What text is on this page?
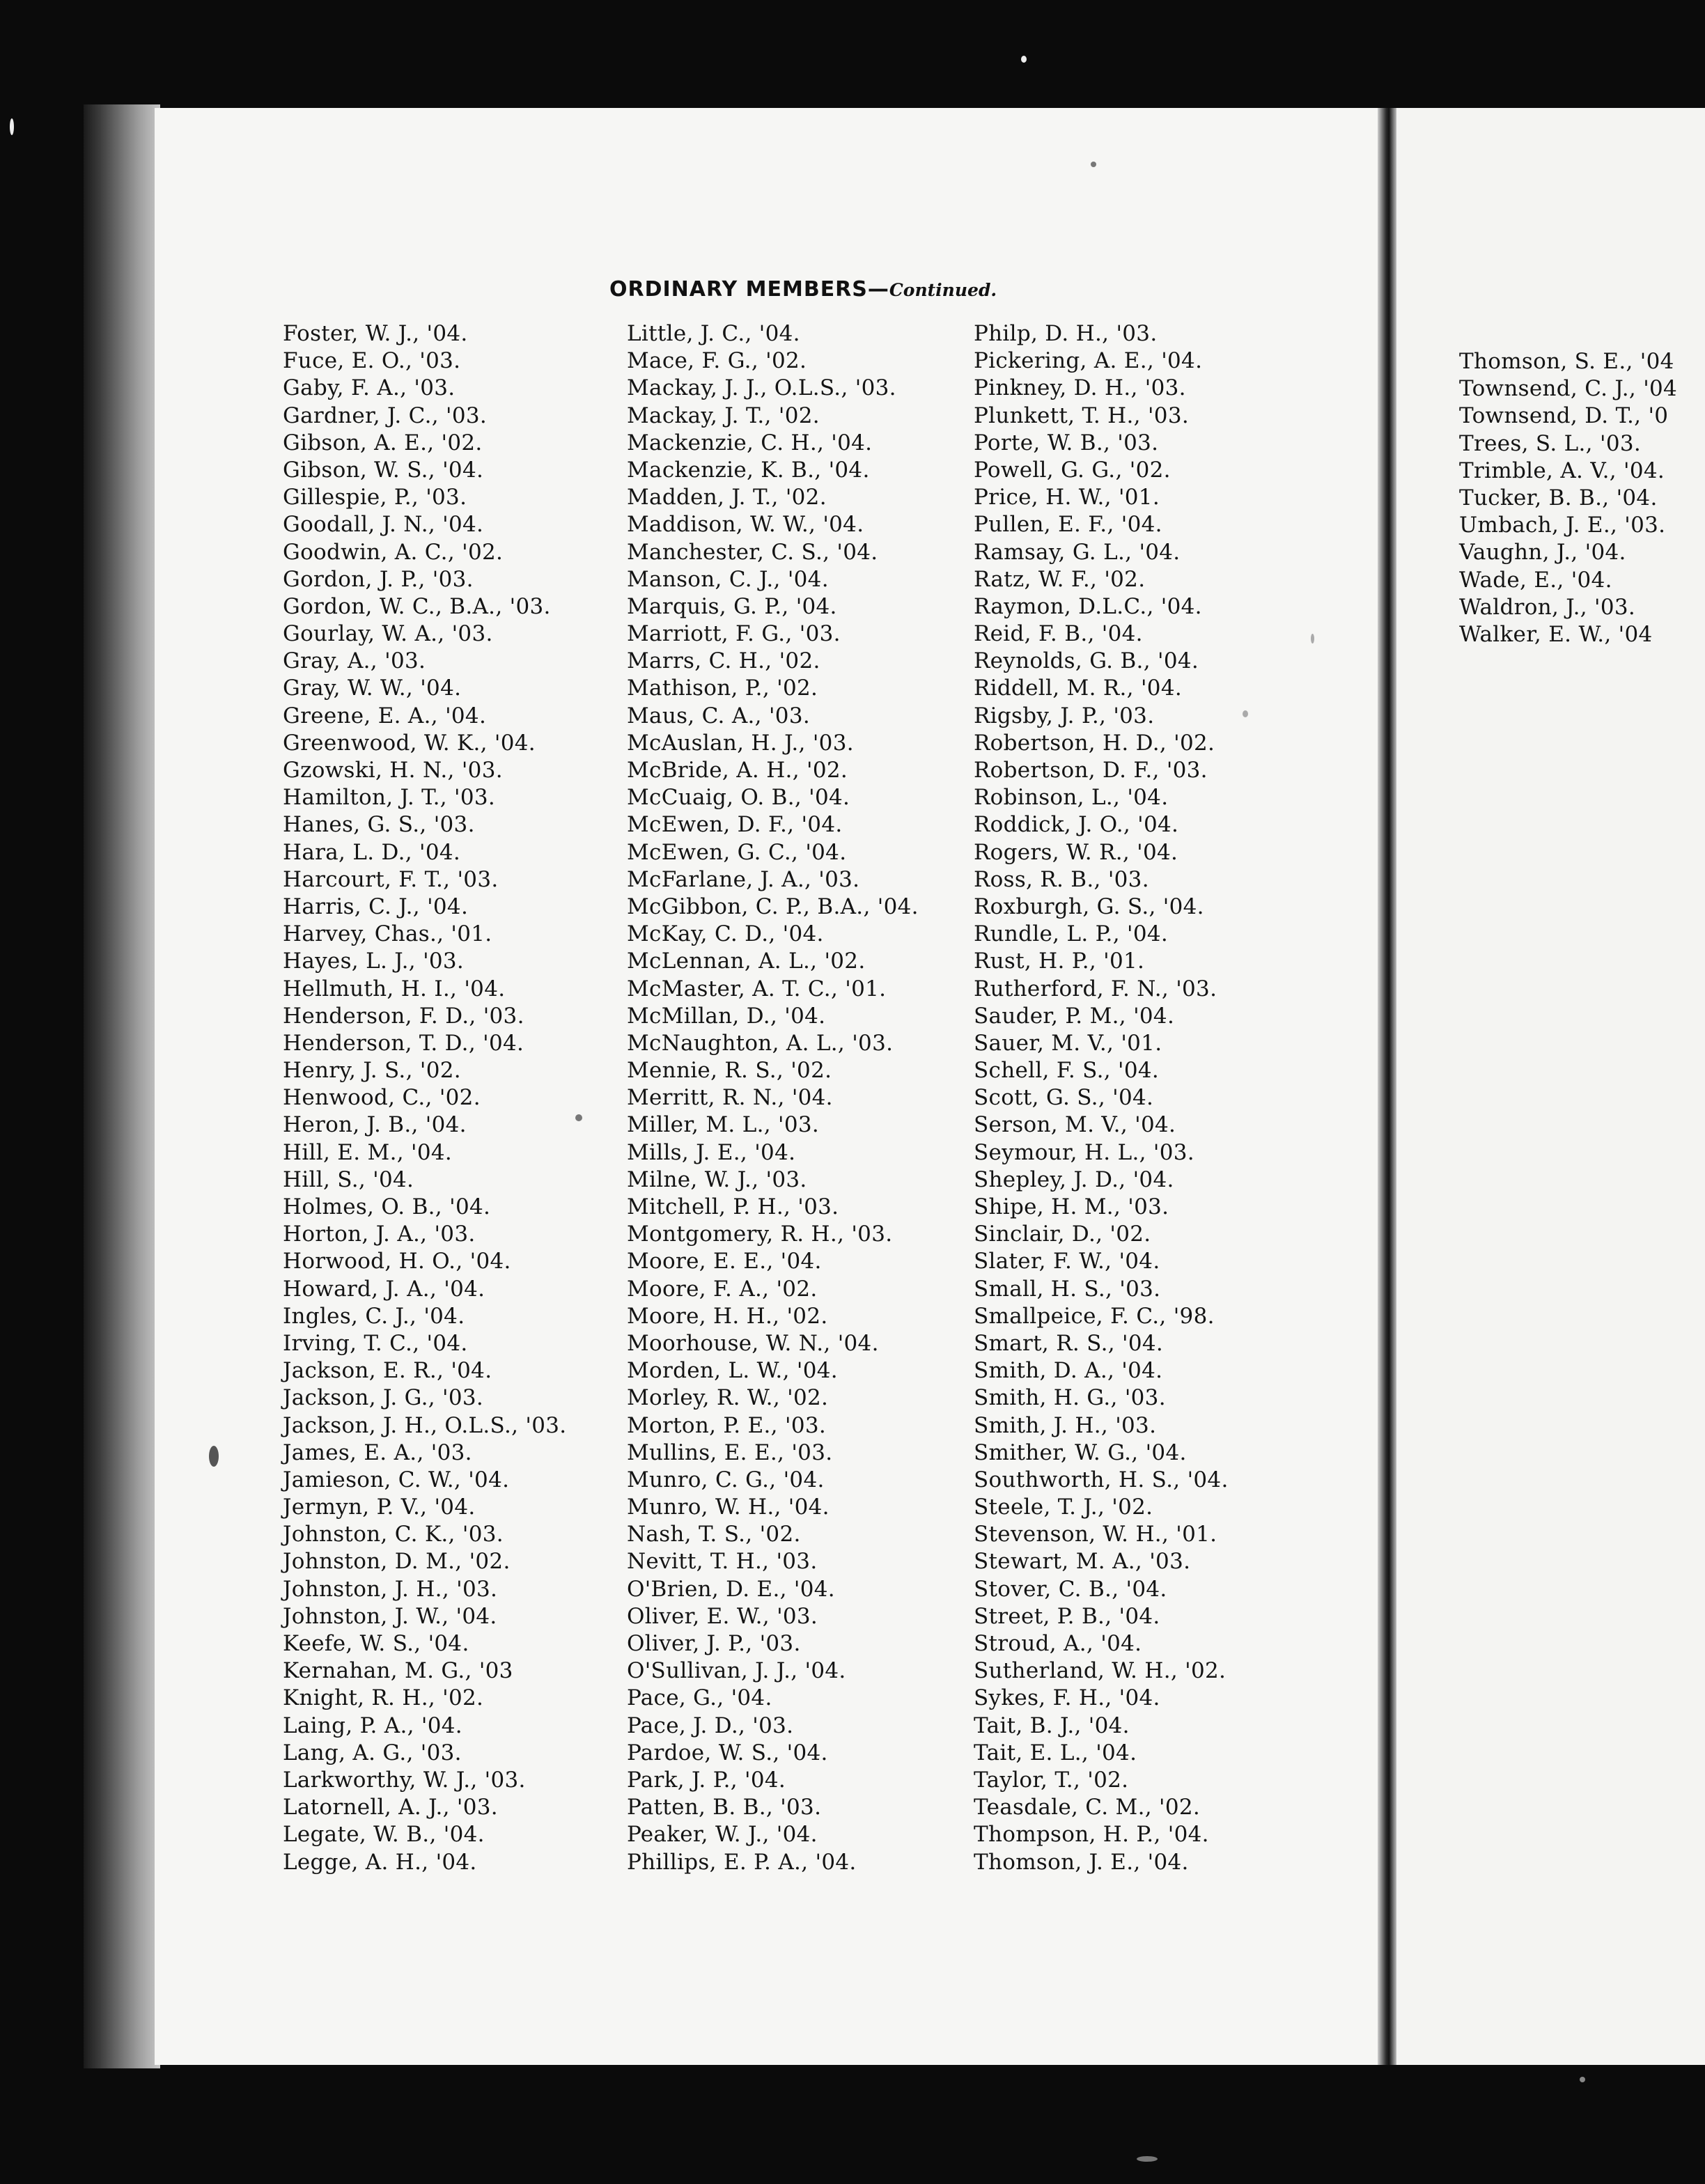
ORDINARY MEMBERS—Continued.
Foster, W. J., '04.
Fuce, E. O., '03.
Gaby, F. A., '03.
Gardner, J. C., '03.
Gibson, A. E., '02.
Gibson, W. S., '04.
Gillespie, P., '03.
Goodall, J. N., '04.
Goodwin, A. C., '02.
Gordon, J. P., '03.
Gordon, W. C., B.A., '03.
Gourlay, W. A., '03.
Gray, A., '03.
Gray, W. W., '04.
Greene, E. A., '04.
Greenwood, W. K., '04.
Gzowski, H. N., '03.
Hamilton, J. T., '03.
Hanes, G. S., '03.
Hara, L. D., '04.
Harcourt, F. T., '03.
Harris, C. J., '04.
Harvey, Chas., '01.
Hayes, L. J., '03.
Hellmuth, H. I., '04.
Henderson, F. D., '03.
Henderson, T. D., '04.
Henry, J. S., '02.
Henwood, C., '02.
Heron, J. B., '04.
Hill, E. M., '04.
Hill, S., '04.
Holmes, O. B., '04.
Horton, J. A., '03.
Horwood, H. O., '04.
Howard, J. A., '04.
Ingles, C. J., '04.
Irving, T. C., '04.
Jackson, E. R., '04.
Jackson, J. G., '03.
Jackson, J. H., O.L.S., '03.
James, E. A., '03.
Jamieson, C. W., '04.
Jermyn, P. V., '04.
Johnston, C. K., '03.
Johnston, D. M., '02.
Johnston, J. H., '03.
Johnston, J. W., '04.
Keefe, W. S., '04.
Kernahan, M. G., '03
Knight, R. H., '02.
Laing, P. A., '04.
Lang, A. G., '03.
Larkworthy, W. J., '03.
Latornell, A. J., '03.
Legate, W. B., '04.
Legge, A. H., '04.
Little, J. C., '04.
Mace, F. G., '02.
Mackay, J. J., O.L.S., '03.
Mackay, J. T., '02.
Mackenzie, C. H., '04.
Mackenzie, K. B., '04.
Madden, J. T., '02.
Maddison, W. W., '04.
Manchester, C. S., '04.
Manson, C. J., '04.
Marquis, G. P., '04.
Marriott, F. G., '03.
Marrs, C. H., '02.
Mathison, P., '02.
Maus, C. A., '03.
McAuslan, H. J., '03.
McBride, A. H., '02.
McCuaig, O. B., '04.
McEwen, D. F., '04.
McEwen, G. C., '04.
McFarlane, J. A., '03.
McGibbon, C. P., B.A., '04.
McKay, C. D., '04.
McLennan, A. L., '02.
McMaster, A. T. C., '01.
McMillan, D., '04.
McNaughton, A. L., '03.
Mennie, R. S., '02.
Merritt, R. N., '04.
Miller, M. L., '03.
Mills, J. E., '04.
Milne, W. J., '03.
Mitchell, P. H., '03.
Montgomery, R. H., '03.
Moore, E. E., '04.
Moore, F. A., '02.
Moore, H. H., '02.
Moorhouse, W. N., '04.
Morden, L. W., '04.
Morley, R. W., '02.
Morton, P. E., '03.
Mullins, E. E., '03.
Munro, C. G., '04.
Munro, W. H., '04.
Nash, T. S., '02.
Nevitt, T. H., '03.
O'Brien, D. E., '04.
Oliver, E. W., '03.
Oliver, J. P., '03.
O'Sullivan, J. J., '04.
Pace, G., '04.
Pace, J. D., '03.
Pardoe, W. S., '04.
Park, J. P., '04.
Patten, B. B., '03.
Peaker, W. J., '04.
Phillips, E. P. A., '04.
Philp, D. H., '03.
Pickering, A. E., '04.
Pinkney, D. H., '03.
Plunkett, T. H., '03.
Porte, W. B., '03.
Powell, G. G., '02.
Price, H. W., '01.
Pullen, E. F., '04.
Ramsay, G. L., '04.
Ratz, W. F., '02.
Raymon, D.L.C., '04.
Reid, F. B., '04.
Reynolds, G. B., '04.
Riddell, M. R., '04.
Rigsby, J. P., '03.
Robertson, H. D., '02.
Robertson, D. F., '03.
Robinson, L., '04.
Roddick, J. O., '04.
Rogers, W. R., '04.
Ross, R. B., '03.
Roxburgh, G. S., '04.
Rundle, L. P., '04.
Rust, H. P., '01.
Rutherford, F. N., '03.
Sauder, P. M., '04.
Sauer, M. V., '01.
Schell, F. S., '04.
Scott, G. S., '04.
Serson, M. V., '04.
Seymour, H. L., '03.
Shepley, J. D., '04.
Shipe, H. M., '03.
Sinclair, D., '02.
Slater, F. W., '04.
Small, H. S., '03.
Smallpeice, F. C., '98.
Smart, R. S., '04.
Smith, D. A., '04.
Smith, H. G., '03.
Smith, J. H., '03.
Smither, W. G., '04.
Southworth, H. S., '04.
Steele, T. J., '02.
Stevenson, W. H., '01.
Stewart, M. A., '03.
Stover, C. B., '04.
Street, P. B., '04.
Stroud, A., '04.
Sutherland, W. H., '02.
Sykes, F. H., '04.
Tait, B. J., '04.
Tait, E. L., '04.
Taylor, T., '02.
Teasdale, C. M., '02.
Thompson, H. P., '04.
Thomson, J. E., '04.
Thomson, S. E., '04
Townsend, C. J., '04
Townsend, D. T., '0
Trees, S. L., '03.
Trimble, A. V., '04.
Tucker, B. B., '04.
Umbach, J. E., '03.
Vaughn, J., '04.
Wade, E., '04.
Waldron, J., '03.
Walker, E. W., '04
